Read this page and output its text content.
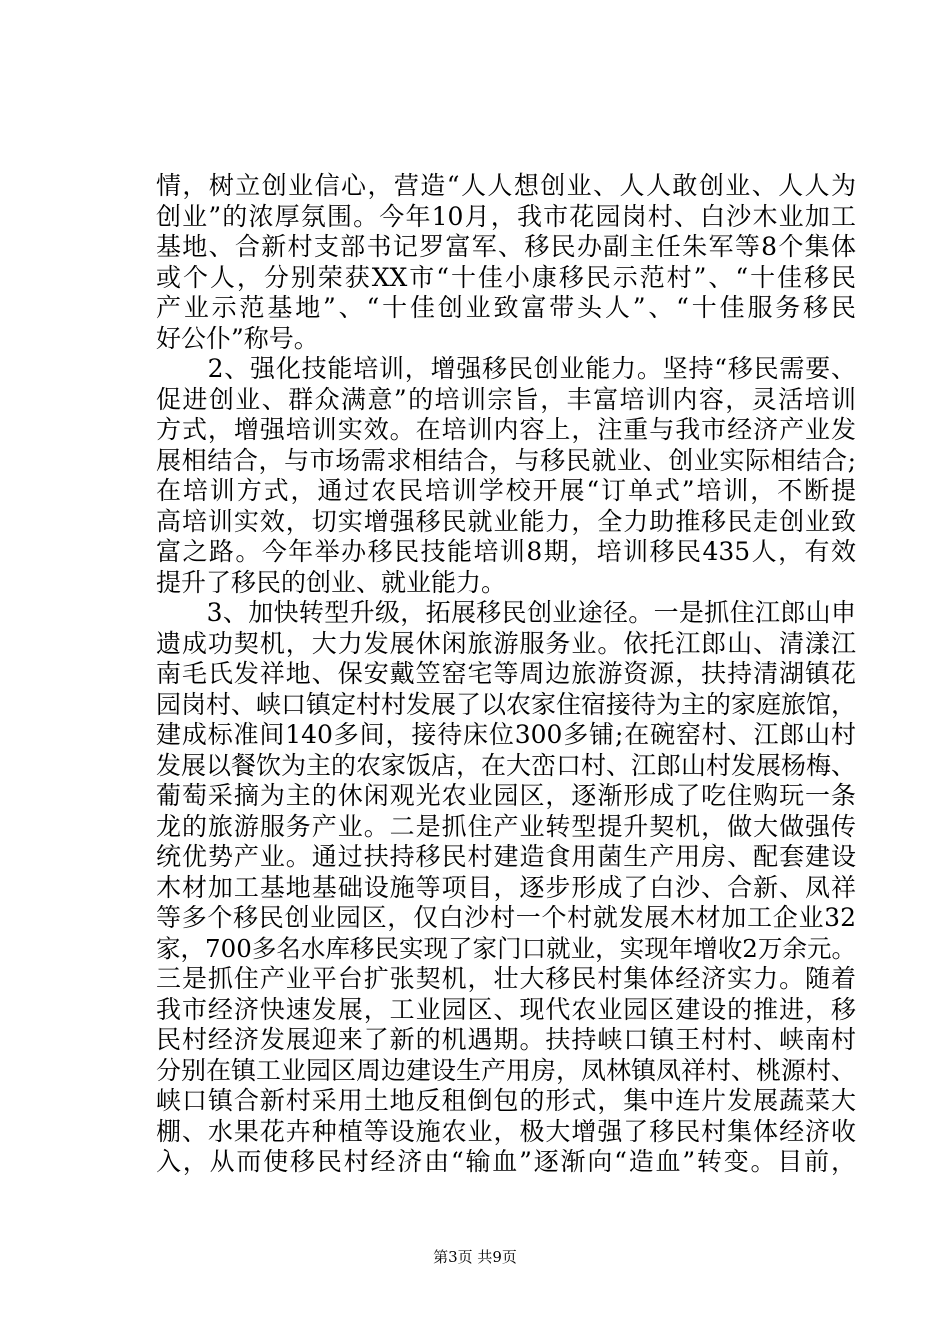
情，树立创业信心，营造“人人想创业、人人敢创业、人人为
创业”的浓厚氛围。今年10月，我市花园岗村、白沙木业加工
基地、合新村支部书记罗富军、移民办副主任朱军等8个集体
或个人，分别荣获XX市“十佳小康移民示范村”、“十佳移民
产业示范基地”、“十佳创业致富带头人”、“十佳服务移民
好公仆”称号。
　　2、强化技能培训，增强移民创业能力。坚持“移民需要、
促进创业、群众满意”的培训宗旨，丰富培训内容，灵活培训
方式，增强培训实效。在培训内容上，注重与我市经济产业发
展相结合，与市场需求相结合，与移民就业、创业实际相结合;
在培训方式，通过农民培训学校开展“订单式”培训，不断提
高培训实效，切实增强移民就业能力，全力助推移民走创业致
富之路。今年举办移民技能培训8期，培训移民435人，有效
提升了移民的创业、就业能力。
　　3、加快转型升级，拓展移民创业途径。一是抓住江郎山申
遗成功契机，大力发展休闲旅游服务业。依托江郎山、清漾江
南毛氏发祥地、保安戴笠窑宅等周边旅游资源，扶持清湖镇花
园岗村、峡口镇定村村发展了以农家住宿接待为主的家庭旅馆，
建成标准间140多间，接待床位300多铺;在碗窑村、江郎山村
发展以餐饮为主的农家饭店，在大峦口村、江郎山村发展杨梅、
葡萄采摘为主的休闲观光农业园区，逐渐形成了吃住购玩一条
龙的旅游服务产业。二是抓住产业转型提升契机，做大做强传
统优势产业。通过扶持移民村建造食用菌生产用房、配套建设
木材加工基地基础设施等项目，逐步形成了白沙、合新、凤祥
等多个移民创业园区，仅白沙村一个村就发展木材加工企业32
家，700多名水库移民实现了家门口就业，实现年增收2万余元。
三是抓住产业平台扩张契机，壮大移民村集体经济实力。随着
我市经济快速发展，工业园区、现代农业园区建设的推进，移
民村经济发展迎来了新的机遇期。扶持峡口镇王村村、峡南村
分别在镇工业园区周边建设生产用房，凤林镇凤祥村、桃源村、
峡口镇合新村采用土地反租倒包的形式，集中连片发展蔬菜大
棚、水果花卉种植等设施农业，极大增强了移民村集体经济收
入，从而使移民村经济由“输血”逐渐向“造血”转变。目前，
第3页 共9页
